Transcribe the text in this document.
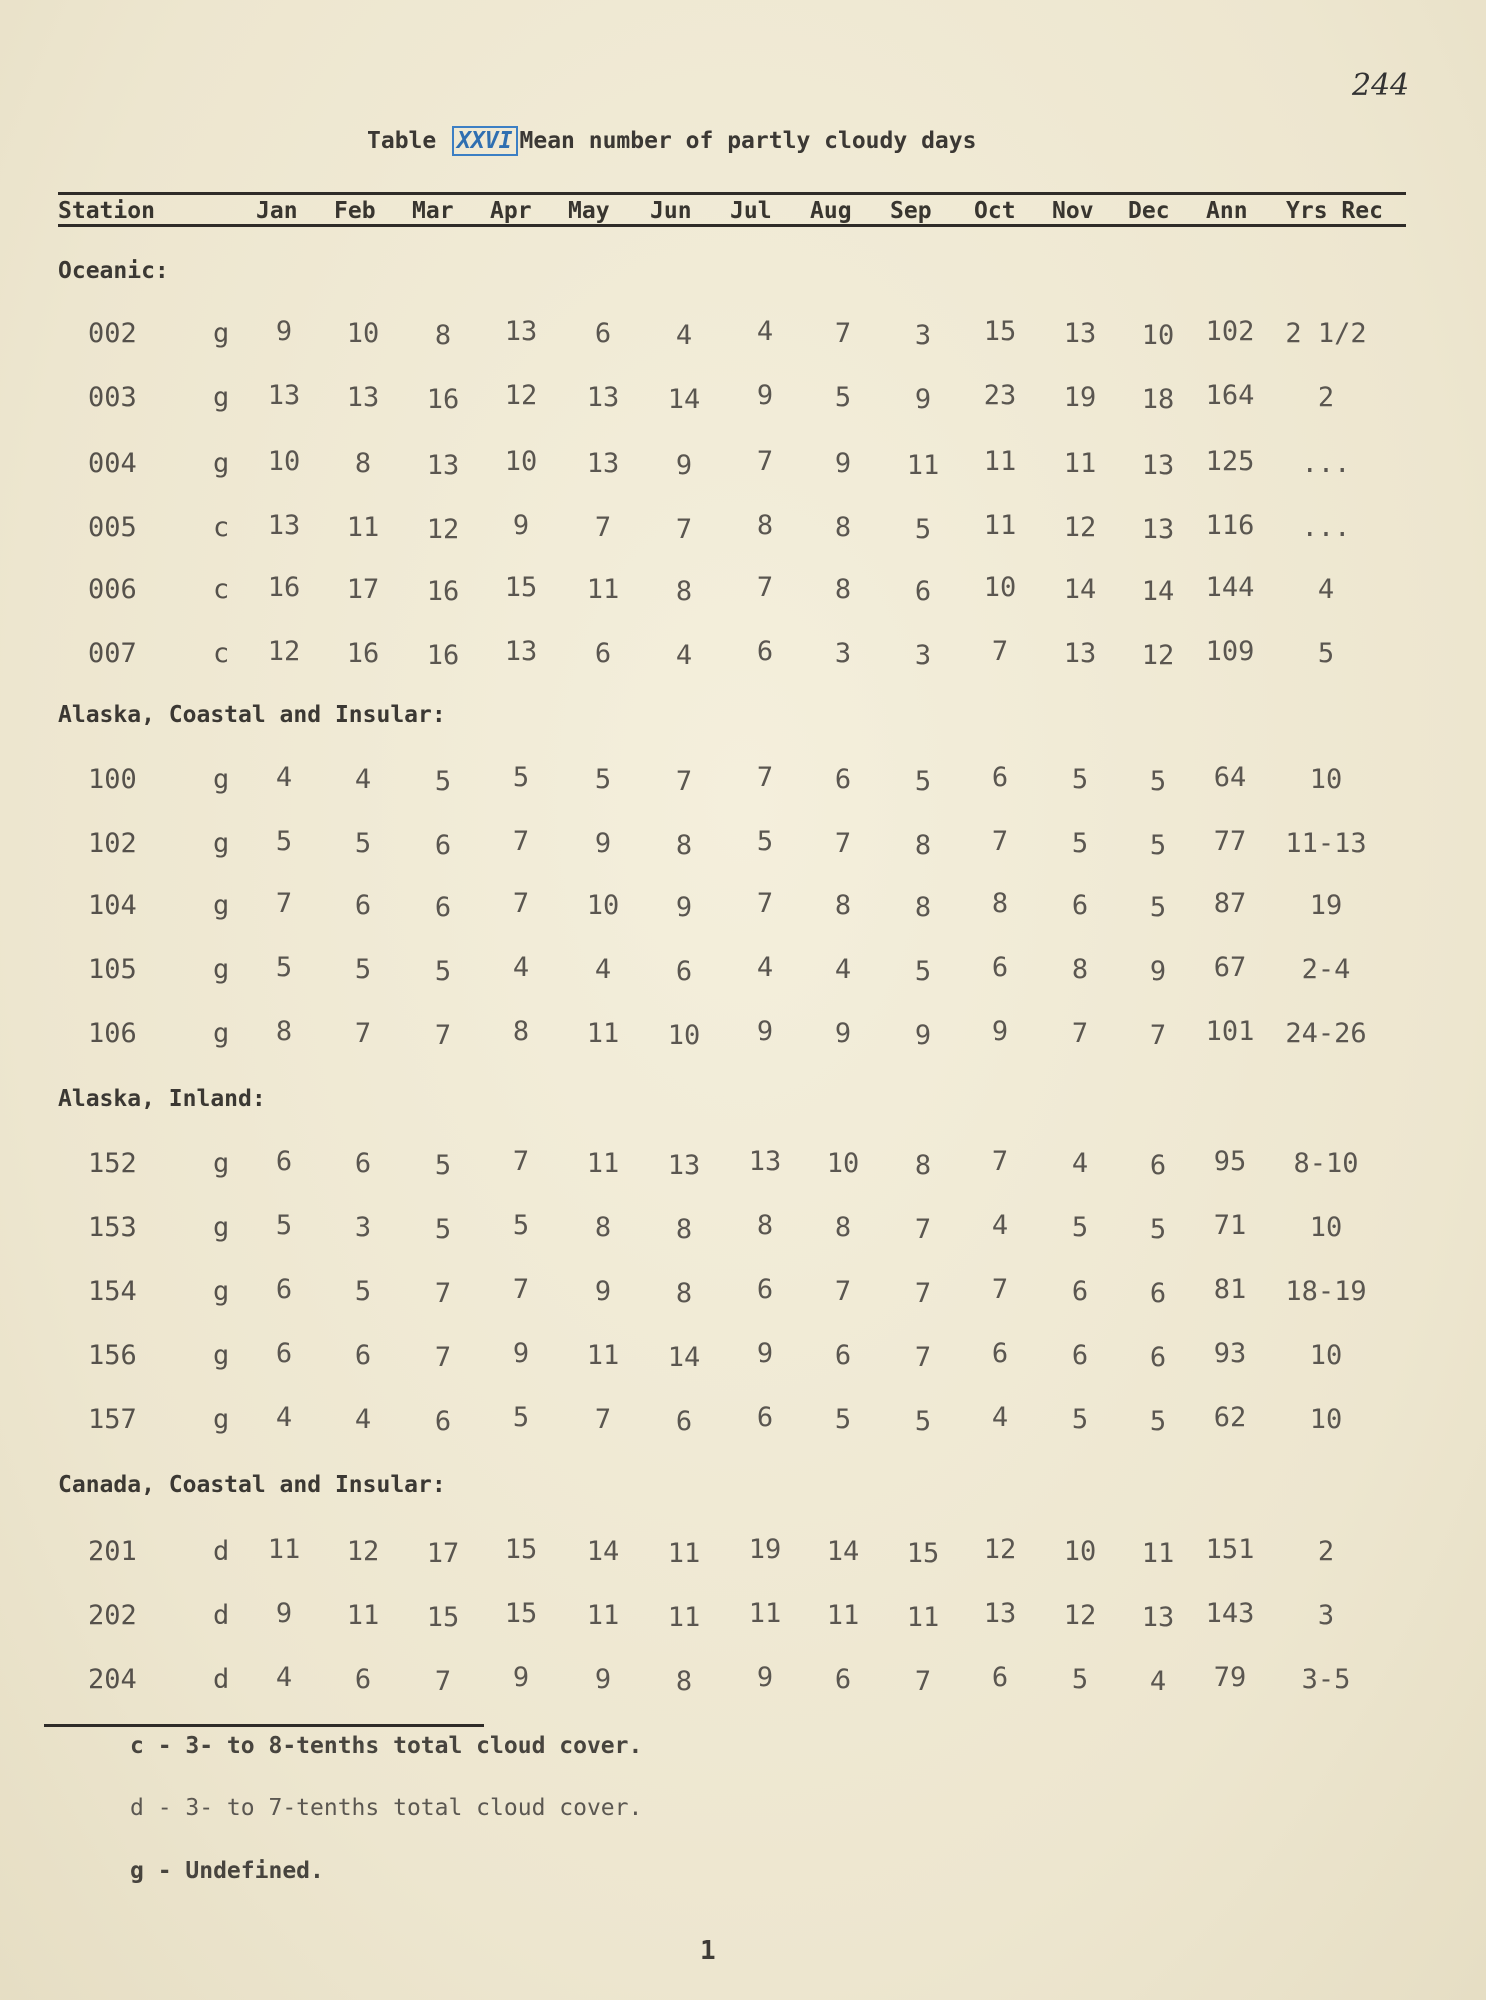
244
Table XXVI Mean number of partly cloudy days
Station	Jan Feb Mar Apr May Jun Jul Aug Sep Oct Nov Dec Ann Yrs Rec
Oceanic:
002	g 9 10 8 13 6 4 4 7 3 15 13 10 102 2 1/2
003	g 13 13 16 12 13 14 9 5 9 23 19 18 164 2
004	g 10 8 13 10 13 9 7 9 11 11 11 13 125 ...
005	c 13 11 12 9 7 7 8 8 5 11 12 13 116 ...
006	c 16 17 16 15 11 8 7 8 6 10 14 14 144 4
007	c 12 16 16 13 6 4 6 3 3 7 13 12 109 5
Alaska, Coastal and Insular:
100	g 4 4 5 5 5 7 7 6 5 6 5 5 64 10
102	g 5 5 6 7 9 8 5 7 8 7 5 5 77 11-13
104	g 7 6 6 7 10 9 7 8 8 8 6 5 87 19
105	g 5 5 5 4 4 6 4 4 5 6 8 9 67 2-4
106	g 8 7 7 8 11 10 9 9 9 9 7 7 101 24-26
Alaska, Inland:
152	g 6 6 5 7 11 13 13 10 8 7 4 6 95 8-10
153	g 5 3 5 5 8 8 8 8 7 4 5 5 71 10
154	g 6 5 7 7 9 8 6 7 7 7 6 6 81 18-19
156	g 6 6 7 9 11 14 9 6 7 6 6 6 93 10
157	g 4 4 6 5 7 6 6 5 5 4 5 5 62 10
Canada, Coastal and Insular:
201	d 11 12 17 15 14 11 19 14 15 12 10 11 151 2
202	d 9 11 15 15 11 11 11 11 11 13 12 13 143 3
204	d 4 6 7 9 9 8 9 6 7 6 5 4 79 3-5
c - 3- to 8-tenths total cloud cover.
d - 3- to 7-tenths total cloud cover.
g - Undefined.
1
